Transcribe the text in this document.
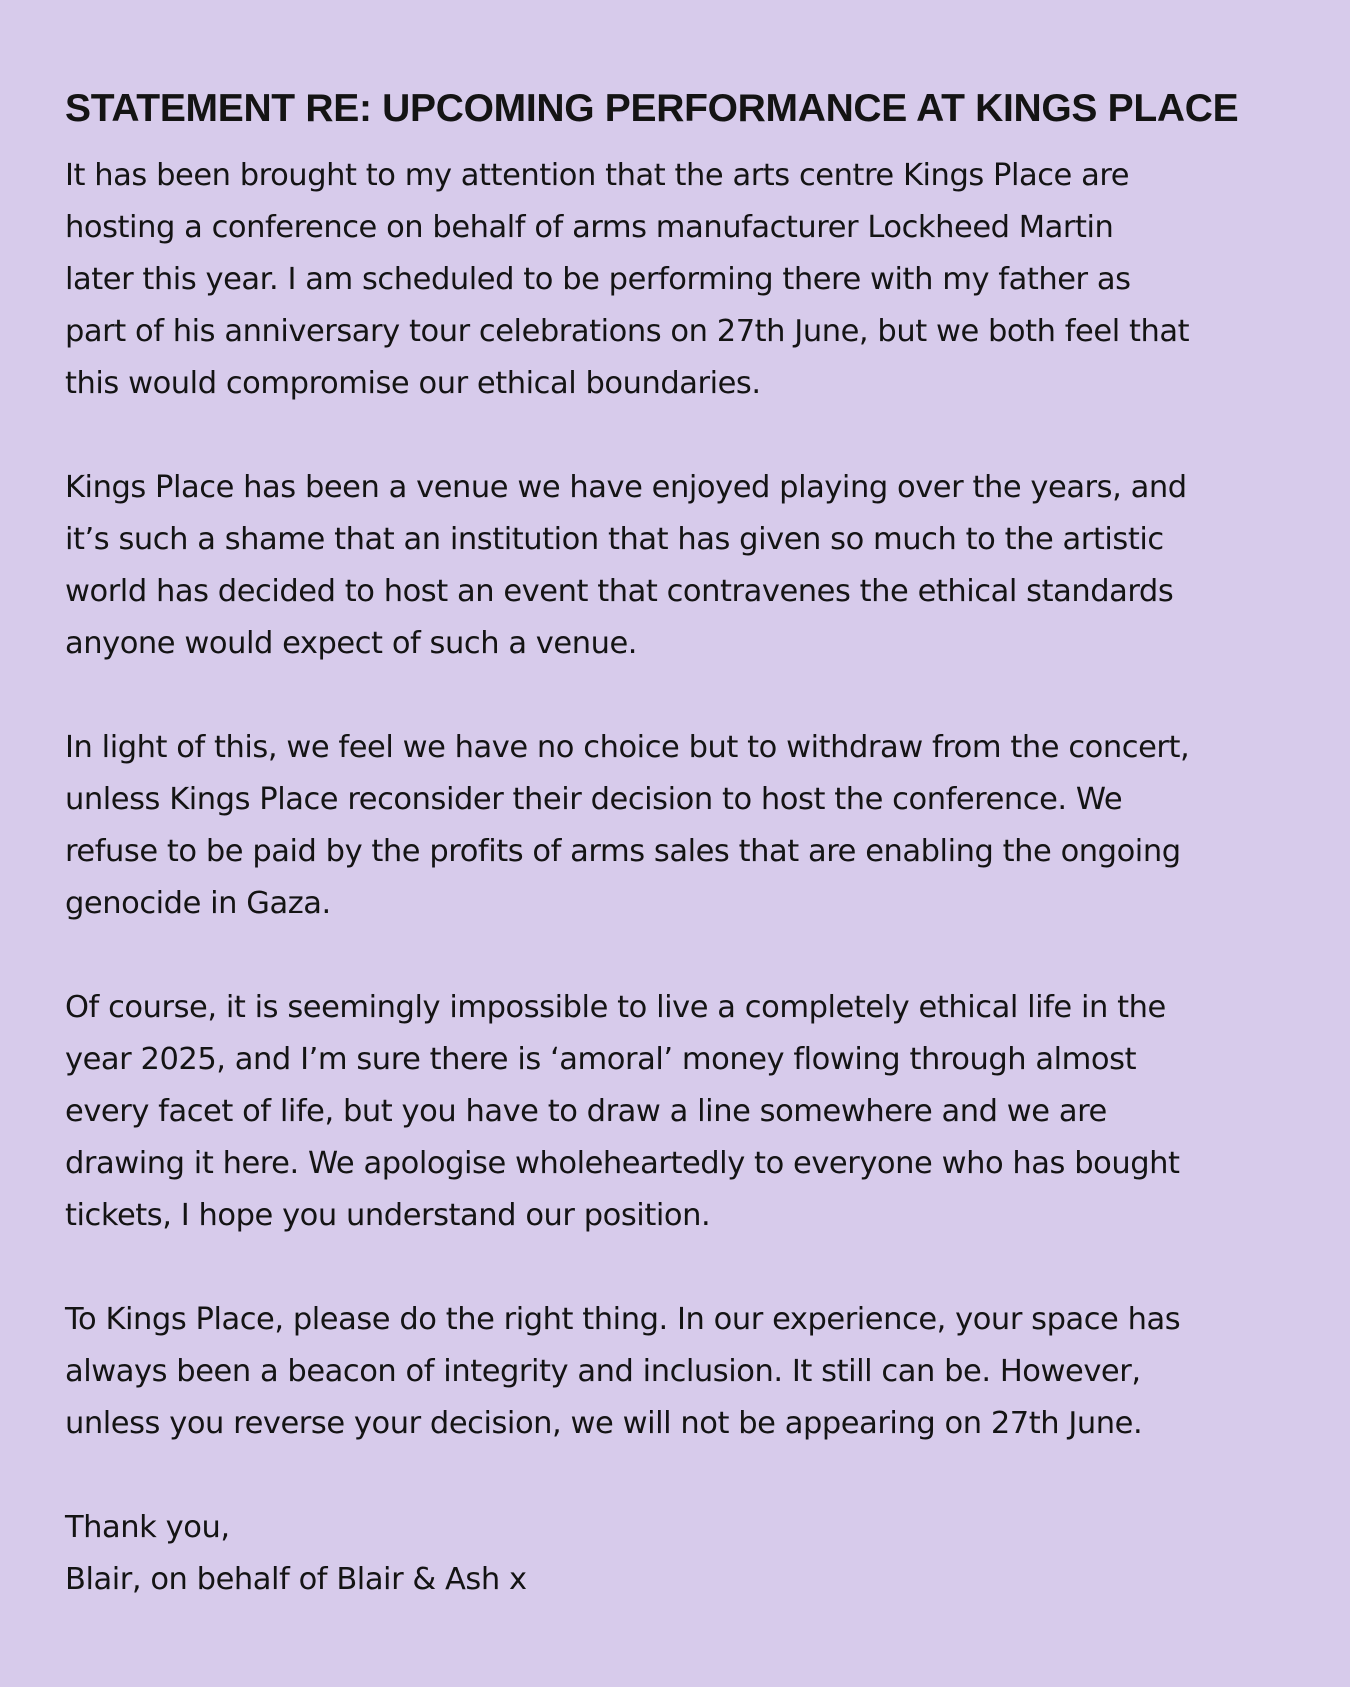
STATEMENT RE: UPCOMING PERFORMANCE AT KINGS PLACE

It has been brought to my attention that the arts centre Kings Place are
hosting a conference on behalf of arms manufacturer Lockheed Martin
later this year. I am scheduled to be performing there with my father as
part of his anniversary tour celebrations on 27th June, but we both feel that
this would compromise our ethical boundaries.

Kings Place has been a venue we have enjoyed playing over the years, and
it’s such a shame that an institution that has given so much to the artistic
world has decided to host an event that contravenes the ethical standards
anyone would expect of such a venue.

In light of this, we feel we have no choice but to withdraw from the concert,
unless Kings Place reconsider their decision to host the conference. We
refuse to be paid by the profits of arms sales that are enabling the ongoing
genocide in Gaza.

Of course, it is seemingly impossible to live a completely ethical life in the
year 2025, and I’m sure there is ‘amoral’ money flowing through almost
every facet of life, but you have to draw a line somewhere and we are
drawing it here. We apologise wholeheartedly to everyone who has bought
tickets, I hope you understand our position.

To Kings Place, please do the right thing. In our experience, your space has
always been a beacon of integrity and inclusion. It still can be. However,
unless you reverse your decision, we will not be appearing on 27th June.

Thank you,
Blair, on behalf of Blair & Ash x
